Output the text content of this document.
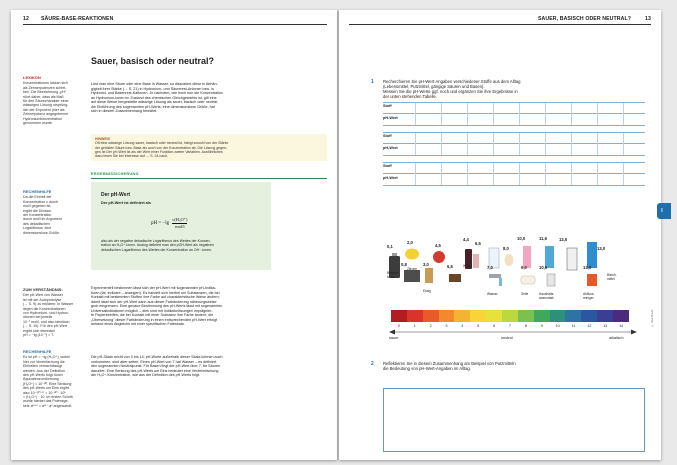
12 SÄURE-BASE-REAKTIONEN
Sauer, basisch oder neutral?
LEXIKON
Konzentrationen lassen sich
als Zehnerpotenzen schrei-
ben. Die Bezeichnung „pH"
rührt daher, dass als Maß
für den Säurecharakter einer
wässrigen Lösung ursprüng-
lich der Exponent (hier als
Zehnerpotenz angegebenen
Hydroniumkonzentration
genommen wurde.
RECHENHILFE
Da die Einheit der
Konzentration c durch
mol/l gegeben ist,
ergibt die Division
der Konzentration
durch mol/l im Argument
des dekadischen
Logarithmus' eine
dimensionslose Größe.
ZUM VERSTÄNDNIS:
Der pH-Wert von Wasser
ist mit der Autoprotolyse
(→ S. 9) zu erklären: In Wasser
liegen die Konzentrationen
von Hydronium- und Hydrox-
idionen bei jeweils
10⁻⁷ mol/l, und also identisch
(→ S. 10). Für den pH-Wert
ergibt sich demnach
pH = −lg (10⁻⁷) = 7.
RECHENHILFE
Es ist pH = −lg (H₃O⁺), wobei
hier zur Vereinfachung die
Einheiten vernachlässigt
werden. Aus der Definition
des pH-Werts folgt durch
Äquivalenzumformung
(H₃O⁺) = 10⁻ᵖᴴ. Eine Senkung
des pH-Werts um Eins ergibt
also 10⁻⁽ᵖᴴ⁻¹⁾ = 10⁻ᵖᴴ · 10¹
= (H₃O⁺) · 10. Im ersten Schritt
wurde hierbei das Potenzge-
setz aᵐ⁺ⁿ = aᵐ · aⁿ angewandt.
Löst man eine Säure oder eine Base in Wasser, so dissoziiert diese in Abhän-
gigkeit ihrer Stärke (→ S. 21) in Hydronium- und Säurerest-Anionen bzw. in
Hydroxid- und Basenrest-Kationen. Je nachdem, wie hoch nun die Konzentration
an Hydronium-Ionen im Zustand des chemischen Gleichgewichts ist, gilt eine
auf diese Weise hergestellte wässrige Lösung als sauer, basisch oder neutral;
die Einführung des sogenannten pH-Werts, eine dimensionslose Größe, hat
sich in diesem Zusammenhang bewährt.
HINWEIS
Oft eine wässrige Lösung sauer, basisch oder neutral ist, hängt sowohl von der Stärke
der gelösten Säure bzw. Base als auch von der Konzentration ab. Die Lösung gegen-
gen ist Der pH-Wert ist als der Wert einer Funktion zweier Variablen. Ausführliches
dazu lesen Sie bei Interesse auf → S. 24 nach.
ERGEBNISSICHERUNG
Der pH-Wert
Der pH-Wert ist definiert als
also als der negative dekadische Logarithmus des Wertes der Konzen-
tration an H₃O⁺-Ionen. Analog definiert man den pOH-Wert als negativen
dekadischen Logarithmus des Wertes der Konzentration an OH⁻-Ionen.
pH = −lg
c(H₃O⁺)
mol/l
Experimentell bestimmen lässt sich der pH-Wert mit sogenannten pH-Indika-
toren (lat. indicare – anzeigen). Es handelt sich hierbei um Substanzen, die bei
Kontakt mit bestimmten Stoffen ihre Farbe auf charakteristische Weise ändern;
damit lässt sich der pH-Wert dann aus dieser Farbänderung näherungsweise
grob eingrenzen. Eine genaue Bestimmung des pH-Werts lässt mit sogenannten
Universalindikatoren möglich – dies sind mit Indikatorlösungen imprägnier-
te Papierstreifen, die bei Kontakt mit einer Substanz ihre Farbe ändern; die
„Übersetzung" dieser Farbänderung in einen entsprechenden pH-Wert erfolgt
anhand eines Abgleichs mit einer spezifischen Farbskala.
Die pH-Skala reicht von 0 bis 14; pH-Werte außerhalb dieser Skala können auch
vorkommen, sind aber selten. Einen pH-Wert von 7 hat Wasser – es definiert
den sogenannten Neutralpunkt. Für Basen liegt der pH-Wert über 7, für Säuren
darunter. Eine Senkung des pH-Werts um Eins bedeutet eine Verzehnfachung
der H₃O⁺-Konzentration, wie aus der Definition des pH-Werts folgt.
SAUER, BASISCH ODER NEUTRAL?	13
I
1 Recherchieren Sie pH-Wert-Angaben verschiedener Stoffe aus dem Alltag
(Lebensmittel, Putzmittel, gängige Säuren und Basen).
Messen Sie die pH-Werte ggf. noch und ergänzen Sie ihre Ergebnisse in
der unten stehenden Tabelle.
0,1
Batterie-
säure
2,0
Zitrone
0,8	3,0
Essig
4,5
4,4
Wein
5,5
6,5
7,0
Wasser
8,0
9,0
Seife
10,0
10,5
Haushalts-
ammoniak
11,6	12,0
13,0
Abfluss-
reiniger
13,0
Bleich-
mittel
0	1	2	3	4	5	6	7	8	9	10	11	12	13	14
sauer	neutral	alkalisch
© Irina Pinzel
2 Reflektieren Sie in diesem Zusammenhang am Beispiel von Putzmitteln
die Bedeutung von pH-Wert-Angaben im Alltag.
Stoff
pH-Wert
Stoff
pH-Wert
Stoff
pH-Wert
